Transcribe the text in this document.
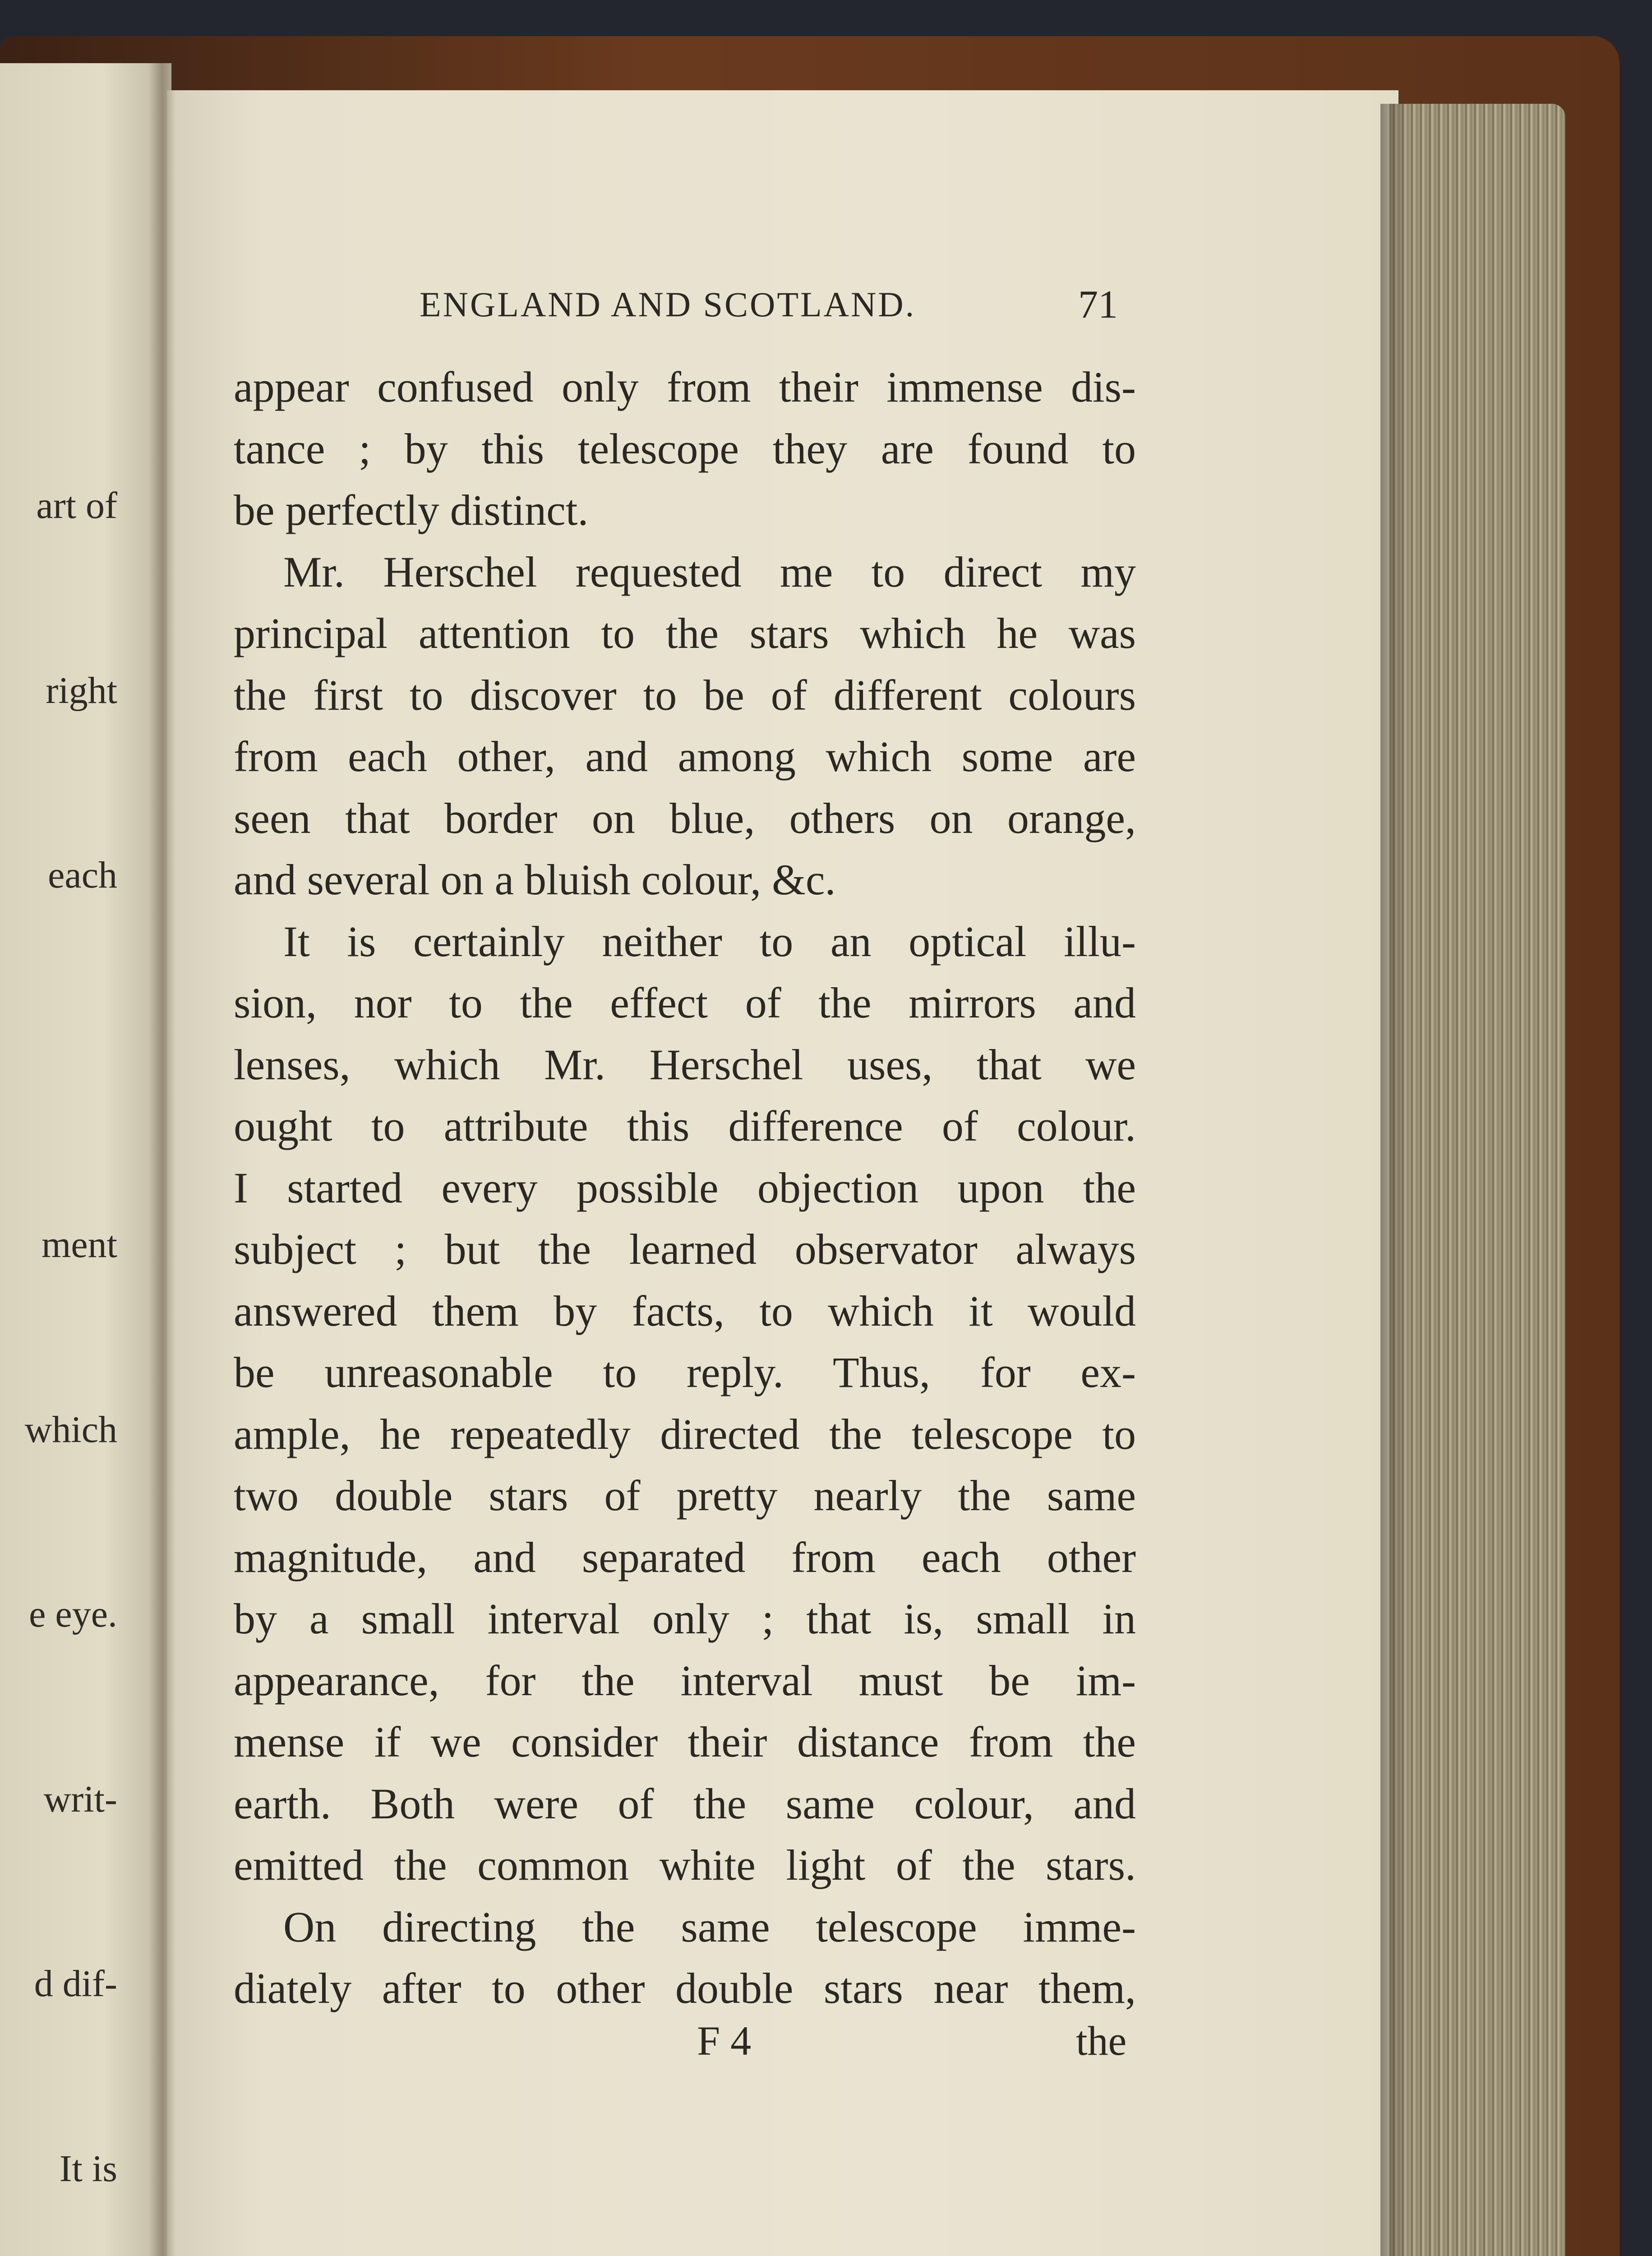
art of

right

each

ment

which

e eye.

writ-

d dif-

It is

ENGLAND AND SCOTLAND.	71
appear confused only from their immense dis-
tance ; by this telescope they are found to
be perfectly distinct.
Mr. Herschel requested me to direct my
principal attention to the stars which he was
the first to discover to be of different colours
from each other, and among which some are
seen that border on blue, others on orange,
and several on a bluish colour, &c.
It is certainly neither to an optical illu-
sion, nor to the effect of the mirrors and
lenses, which Mr. Herschel uses, that we
ought to attribute this difference of colour.
I started every possible objection upon the
subject ; but the learned observator always
answered them by facts, to which it would
be unreasonable to reply. Thus, for ex-
ample, he repeatedly directed the telescope to
two double stars of pretty nearly the same
magnitude, and separated from each other
by a small interval only ; that is, small in
appearance, for the interval must be im-
mense if we consider their distance from the
earth. Both were of the same colour, and
emitted the common white light of the stars.
On directing the same telescope imme-
diately after to other double stars near them,
F 4	the
